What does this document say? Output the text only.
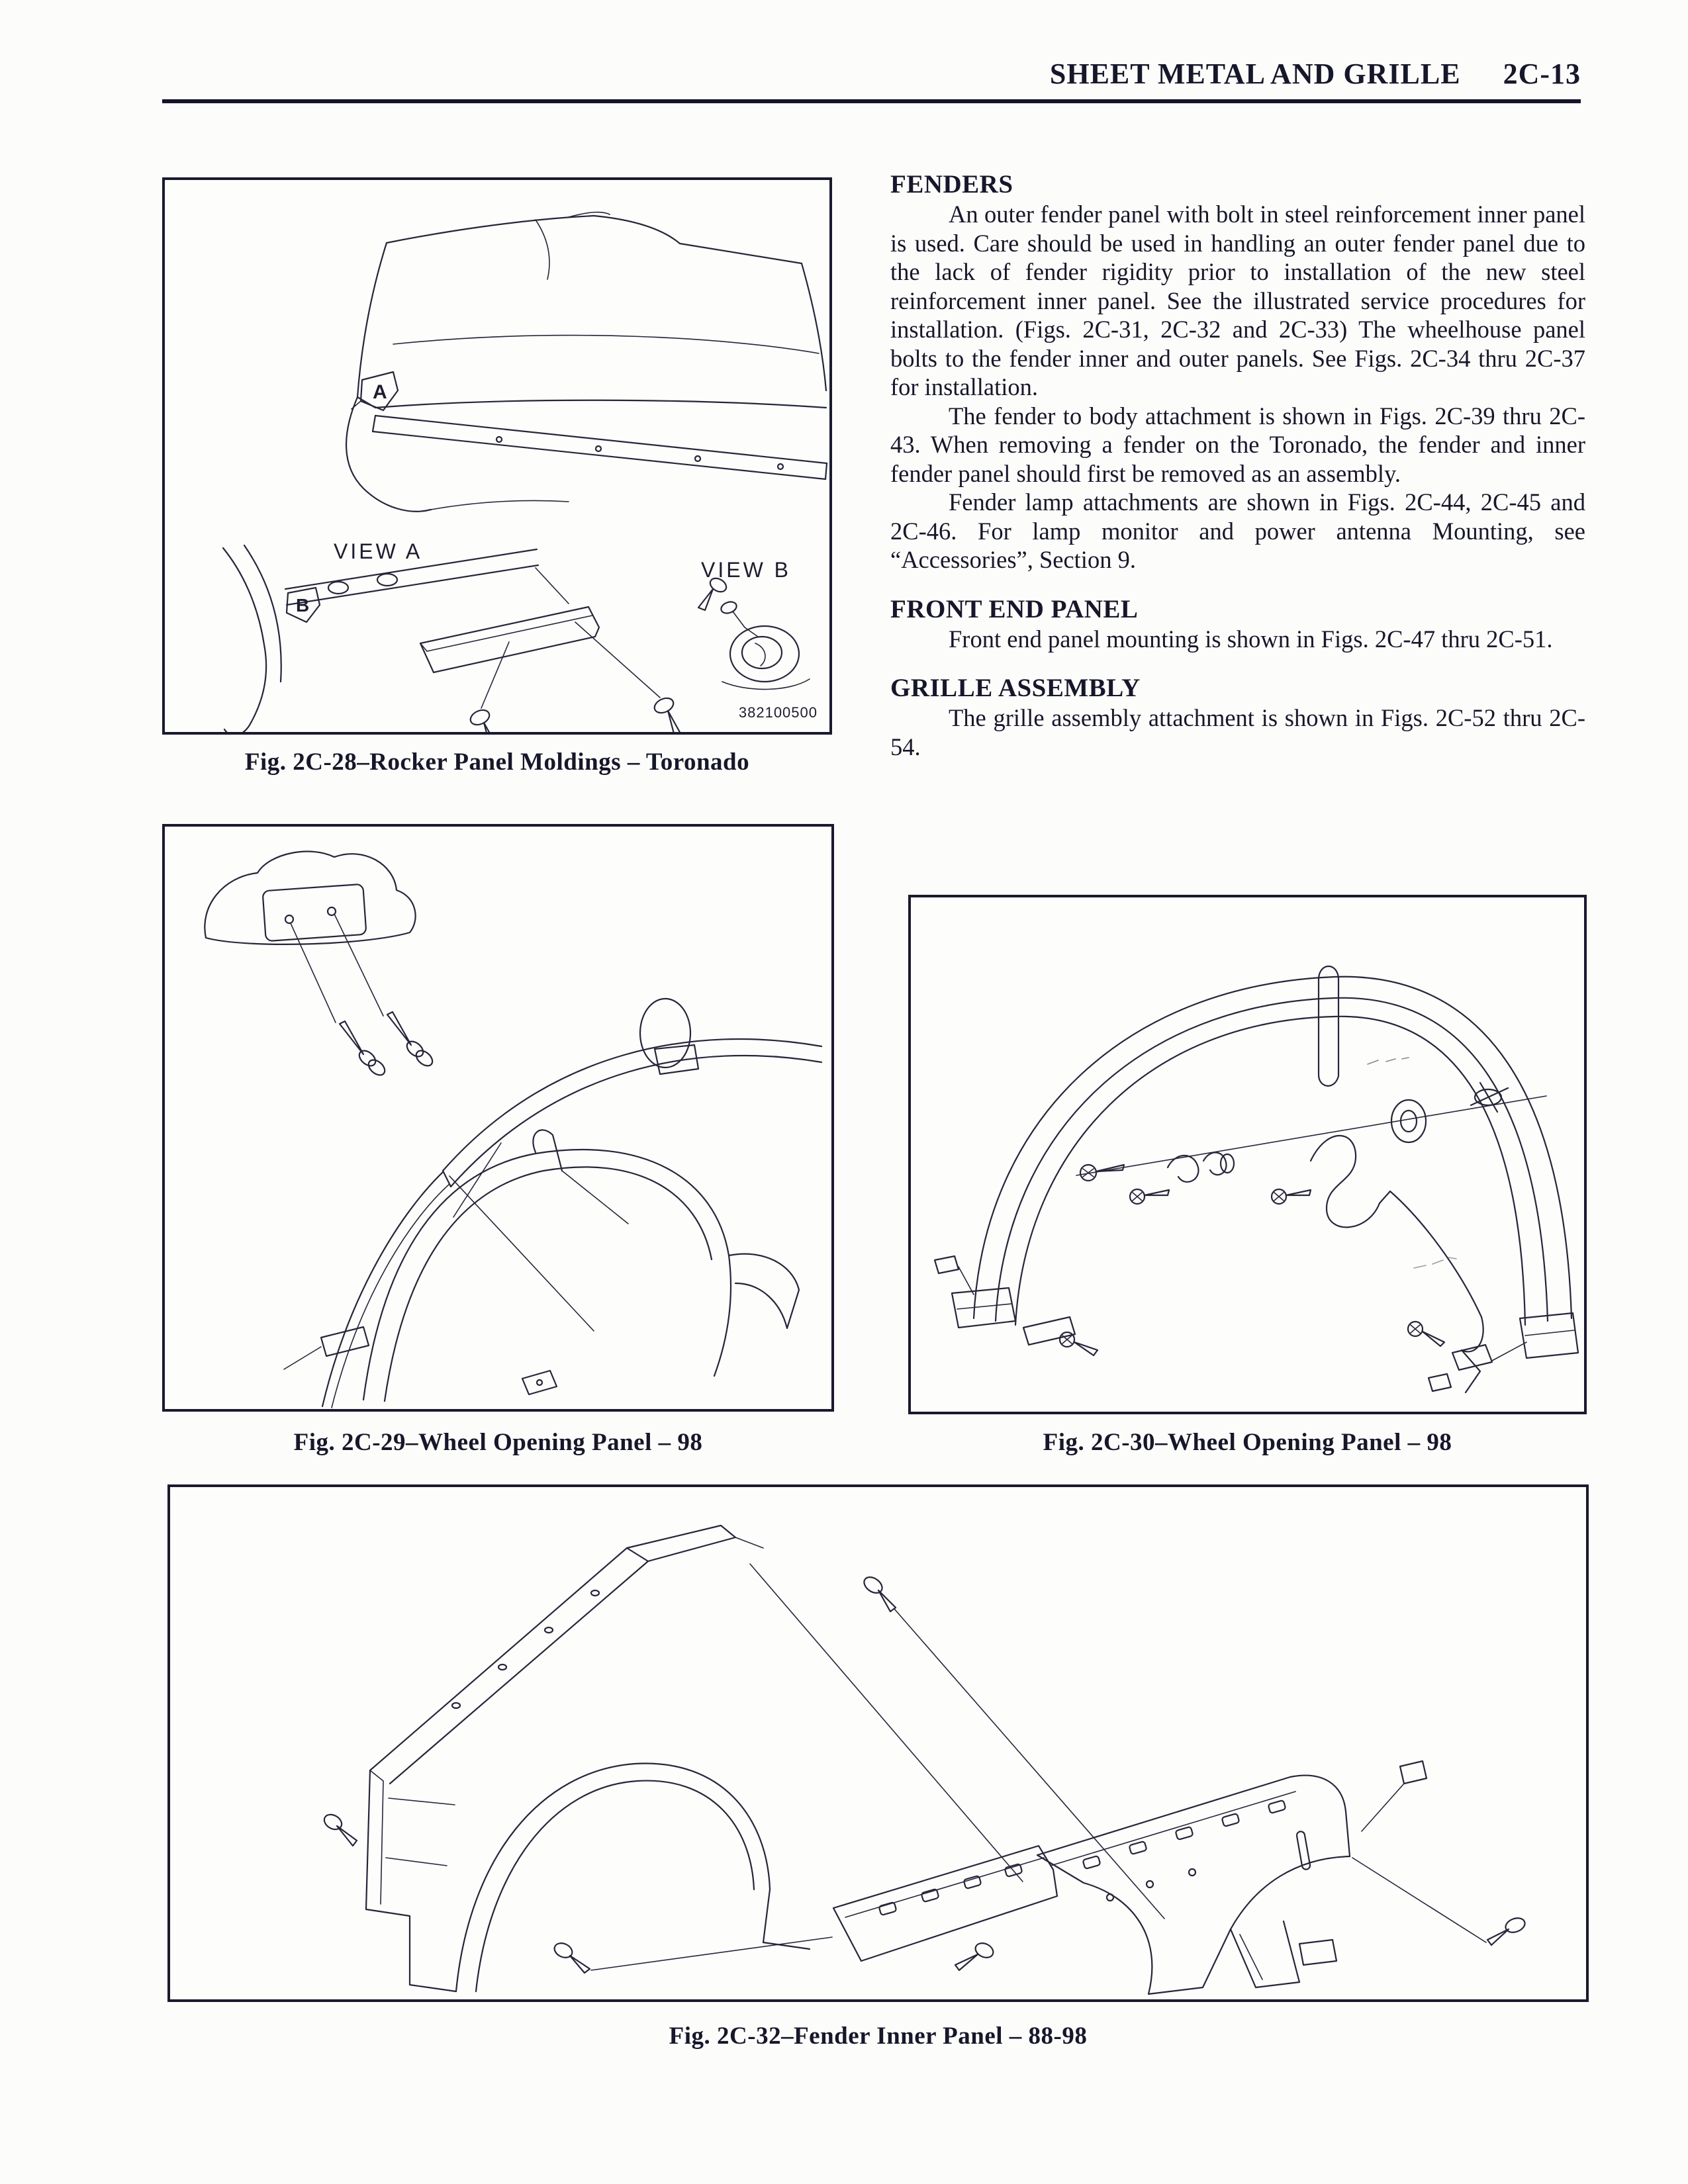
SHEET METAL AND GRILLE 2C-13
A
VIEW A
B
VIEW B
382100500
Fig. 2C-28–Rocker Panel Moldings – Toronado
FENDERS

An outer fender panel with bolt in steel reinforcement inner panel is used. Care should be used in handling an outer fender panel due to the lack of fender rigidity prior to installation of the new steel reinforcement inner panel. See the illustrated service procedures for installation. (Figs. 2C-31, 2C-32 and 2C-33) The wheelhouse panel bolts to the fender inner and outer panels. See Figs. 2C-34 thru 2C-37 for installation.

The fender to body attachment is shown in Figs. 2C-39 thru 2C-43. When removing a fender on the Toronado, the fender and inner fender panel should first be removed as an assembly.

Fender lamp attachments are shown in Figs. 2C-44, 2C-45 and 2C-46. For lamp monitor and power antenna Mounting, see “Accessories”, Section 9.

FRONT END PANEL

Front end panel mounting is shown in Figs. 2C-47 thru 2C-51.

GRILLE ASSEMBLY

The grille assembly attachment is shown in Figs. 2C-52 thru 2C-54.

Fig. 2C-29–Wheel Opening Panel – 98	Fig. 2C-30–Wheel Opening Panel – 98
Fig. 2C-32–Fender Inner Panel – 88-98
